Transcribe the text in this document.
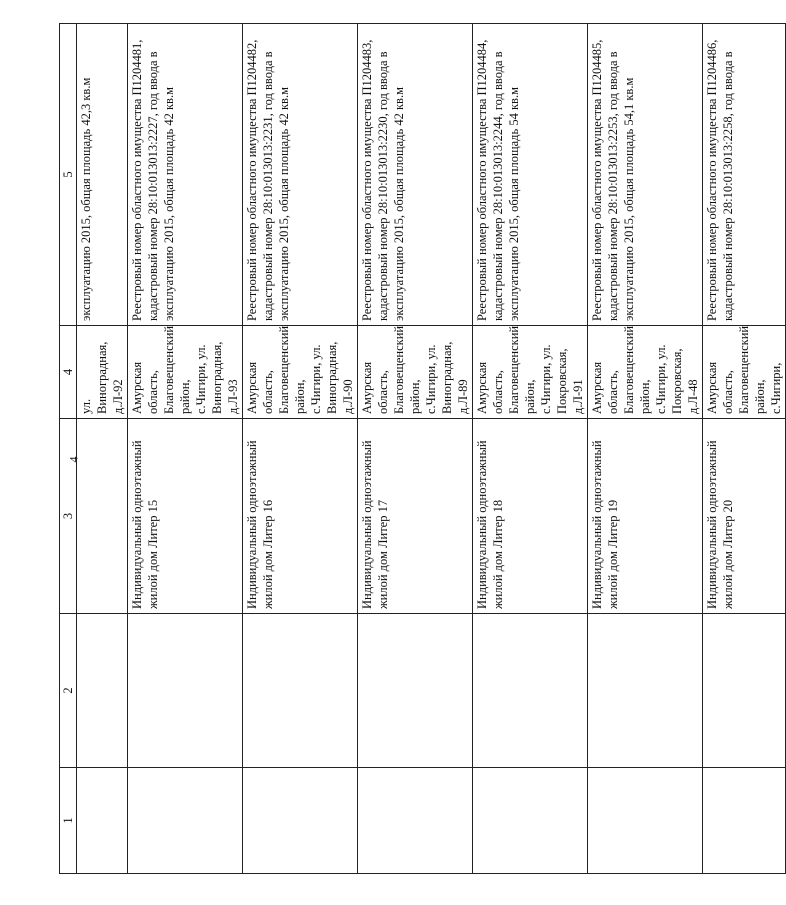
4
1	2	3	4	5
			ул. Виноградная, д.Л-92	эксплуатацию 2015, общая площадь 42,3 кв.м
		Индивидуальный одноэтажный жилой дом Литер 15	Амурская область, Благовещенский район, с.Чигири, ул. Виноградная, д.Л-93	Реестровый номер областного имущества П1204481, кадастровый номер 28:10:013013:2227, год ввода в эксплуатацию 2015, общая площадь 42 кв.м
		Индивидуальный одноэтажный жилой дом Литер 16	Амурская область, Благовещенский район, с.Чигири, ул. Виноградная, д.Л-90	Реестровый номер областного имущества П1204482, кадастровый номер 28:10:013013:2231, год ввода в эксплуатацию 2015, общая площадь 42 кв.м
		Индивидуальный одноэтажный жилой дом Литер 17	Амурская область, Благовещенский район, с.Чигири, ул. Виноградная, д.Л-89	Реестровый номер областного имущества П1204483, кадастровый номер 28:10:013013:2230, год ввода в эксплуатацию 2015, общая площадь 42 кв.м
		Индивидуальный одноэтажный жилой дом Литер 18	Амурская область, Благовещенский район, с.Чигири, ул. Покровская, д.Л-91	Реестровый номер областного имущества П1204484, кадастровый номер 28:10:013013:2244, год ввода в эксплуатацию 2015, общая площадь 54 кв.м
		Индивидуальный одноэтажный жилой дом Литер 19	Амурская область, Благовещенский район, с.Чигири, ул. Покровская, д.Л-48	Реестровый номер областного имущества П1204485, кадастровый номер 28:10:013013:2253, год ввода в эксплуатацию 2015, общая площадь 54,1 кв.м
		Индивидуальный одноэтажный жилой дом Литер 20	Амурская область, Благовещенский район, с.Чигири,	Реестровый номер областного имущества П1204486, кадастровый номер 28:10:013013:2258, год ввода в
